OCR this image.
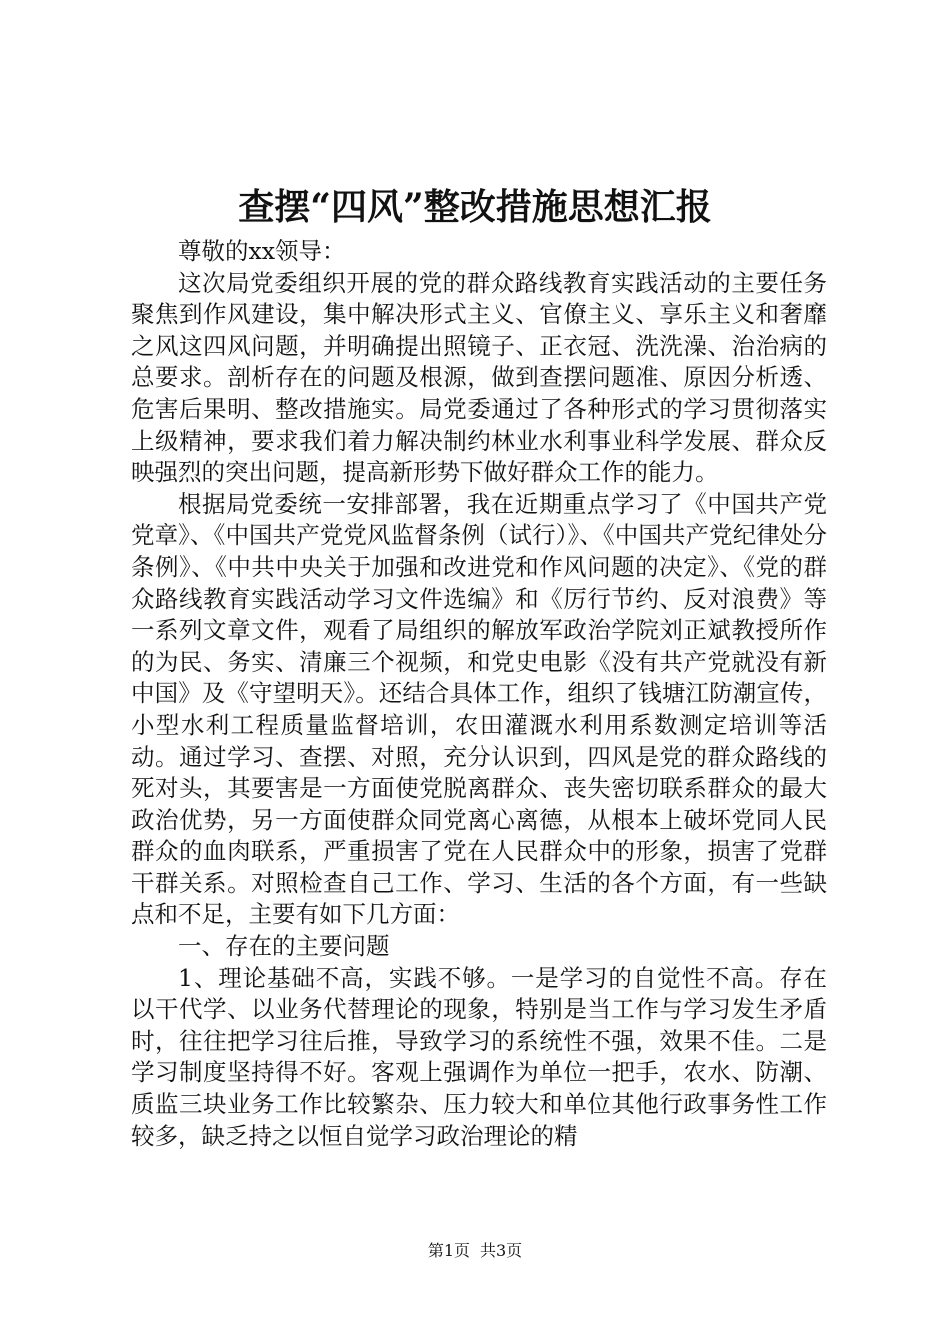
查摆“四风”整改措施思想汇报

尊敬的xx领导：

这次局党委组织开展的党的群众路线教育实践活动的主要任务聚焦到作风建设，集中解决形式主义、官僚主义、享乐主义和奢靡之风这四风问题，并明确提出照镜子、正衣冠、洗洗澡、治治病的总要求。剖析存在的问题及根源，做到查摆问题准、原因分析透、危害后果明、整改措施实。局党委通过了各种形式的学习贯彻落实上级精神，要求我们着力解决制约林业水利事业科学发展、群众反映强烈的突出问题，提高新形势下做好群众工作的能力。

根据局党委统一安排部署，我在近期重点学习了《中国共产党党章》、《中国共产党党风监督条例（试行）》、《中国共产党纪律处分条例》、《中共中央关于加强和改进党和作风问题的决定》、《党的群众路线教育实践活动学习文件选编》和《厉行节约、反对浪费》等一系列文章文件，观看了局组织的解放军政治学院刘正斌教授所作的为民、务实、清廉三个视频，和党史电影《没有共产党就没有新中国》及《守望明天》。还结合具体工作，组织了钱塘江防潮宣传，小型水利工程质量监督培训，农田灌溉水利用系数测定培训等活动。通过学习、查摆、对照，充分认识到，四风是党的群众路线的死对头，其要害是一方面使党脱离群众、丧失密切联系群众的最大政治优势，另一方面使群众同党离心离德，从根本上破坏党同人民群众的血肉联系，严重损害了党在人民群众中的形象，损害了党群干群关系。对照检查自己工作、学习、生活的各个方面，有一些缺点和不足，主要有如下几方面：

一、存在的主要问题

1、理论基础不高，实践不够。一是学习的自觉性不高。存在以干代学、以业务代替理论的现象，特别是当工作与学习发生矛盾时，往往把学习往后推，导致学习的系统性不强，效果不佳。二是学习制度坚持得不好。客观上强调作为单位一把手，农水、防潮、质监三块业务工作比较繁杂、压力较大和单位其他行政事务性工作较多，缺乏持之以恒自觉学习政治理论的精

第1页 共3页
